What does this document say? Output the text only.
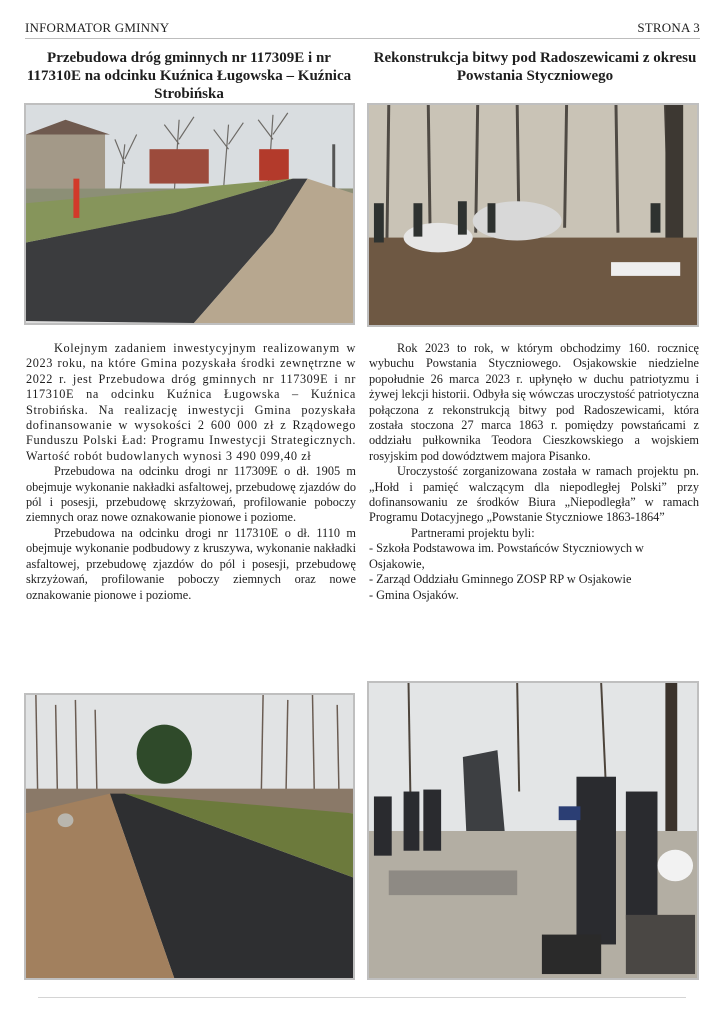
INFORMATOR GMINNY	STRONA 3
Przebudowa dróg gminnych nr 117309E i nr 117310E na odcinku Kuźnica Ługowska – Kuźnica Strobińska
Rekonstrukcja bitwy pod Radoszewicami z okresu Powstania Styczniowego

Kolejnym zadaniem inwestycyjnym realizowanym w 2023 roku, na które Gmina pozyskała środki zewnętrzne w 2022 r. jest Przebudowa dróg gminnych nr 117309E i nr 117310E na odcinku Kuźnica Ługowska – Kuźnica Strobińska. Na realizację inwestycji Gmina pozyskała dofinansowanie w wysokości 2 600 000 zł z Rządowego Funduszu Polski Ład: Programu Inwestycji Strategicznych. Wartość robót budowlanych wynosi 3 490 099,40 zł

Przebudowa na odcinku drogi nr 117309E o dł. 1905 m obejmuje wykonanie nakładki asfaltowej, przebudowę zjazdów do pól i posesji, przebudowę skrzyżowań, profilowanie poboczy ziemnych oraz nowe oznakowanie pionowe i poziome.

Przebudowa na odcinku drogi nr 117310E o dł. 1110 m obejmuje wykonanie podbudowy z kruszywa, wykonanie nakładki asfaltowej, przebudowę zjazdów do pól i posesji, przebudowę skrzyżowań, profilowanie poboczy ziemnych oraz nowe oznakowanie pionowe i poziome.

Rok 2023 to rok, w którym obchodzimy 160. rocznicę wybuchu Powstania Styczniowego. Osjakowskie niedzielne popołudnie 26 marca 2023 r. upłynęło w duchu patriotyzmu i żywej lekcji historii. Odbyła się wówczas uroczystość patriotyczna połączona z rekonstrukcją bitwy pod Radoszewicami, która została stoczona 27 marca 1863 r. pomiędzy powstańcami z oddziału pułkownika Teodora Cieszkowskiego a wojskiem rosyjskim pod dowództwem majora Pisanko.

Uroczystość zorganizowana została w ramach projektu pn. „Hołd i pamięć walczącym dla niepodległej Polski” przy dofinansowaniu ze środków Biura „Niepodległa” w ramach Programu Dotacyjnego „Powstanie Styczniowe 1863-1864”

Partnerami projektu byli:

- Szkoła Podstawowa im. Powstańców Styczniowych w Osjakowie,

- Zarząd Oddziału Gminnego ZOSP RP w Osjakowie

- Gmina Osjaków.
